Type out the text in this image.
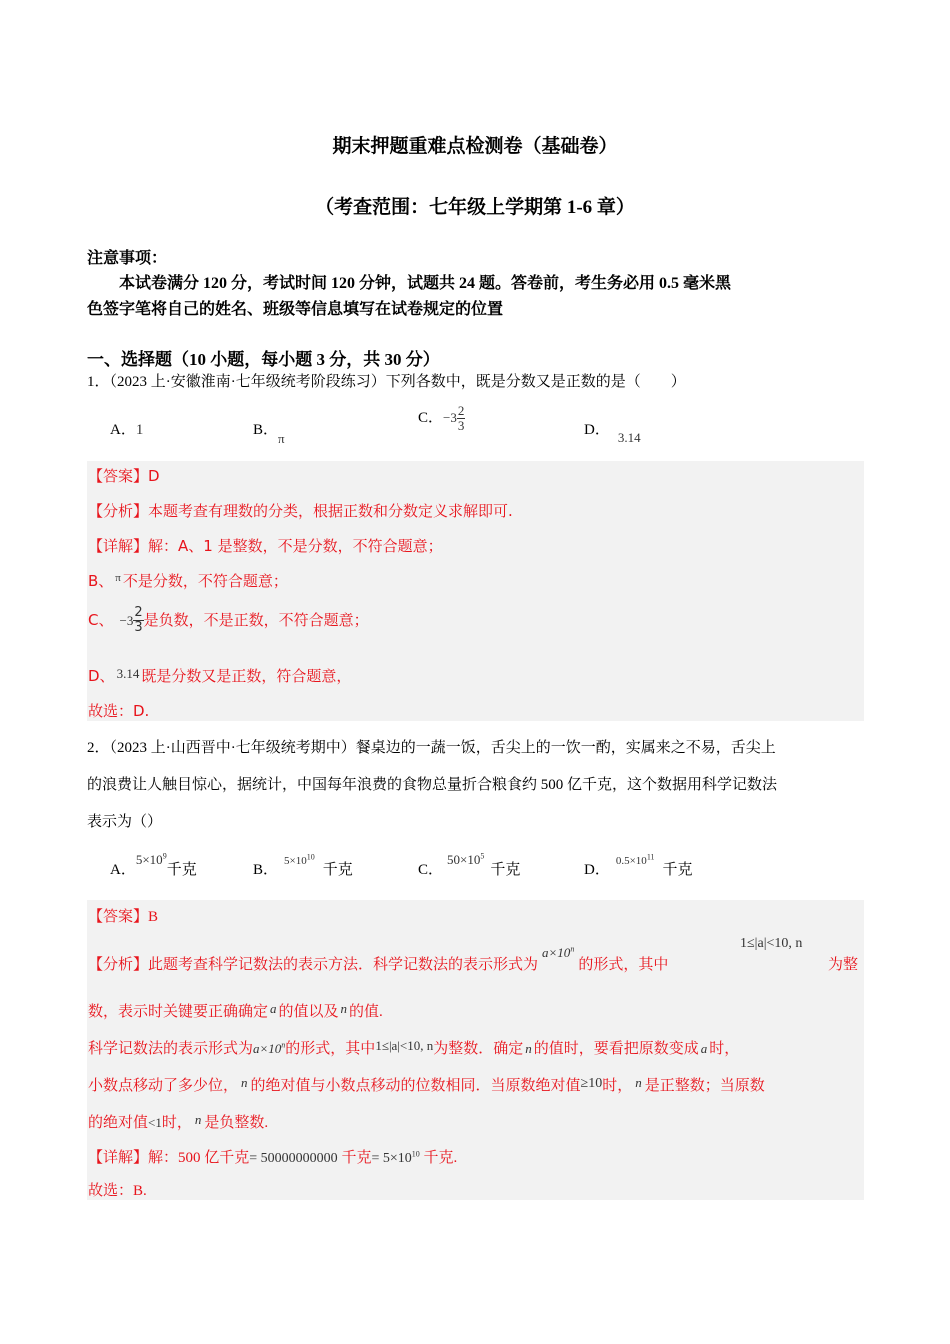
期末押题重难点检测卷（基础卷）
（考查范围：七年级上学期第 1-6 章）
注意事项：
本试卷满分 120 分，考试时间 120 分钟，试题共 24 题。答卷前，考生务必用 0.5 毫米黑
色签字笔将自己的姓名、班级等信息填写在试卷规定的位置
一、选择题（10 小题，每小题 3 分，共 30 分）
1．（2023 上·安徽淮南·七年级统考阶段练习）下列各数中，既是分数又是正数的是（　　）
A．1	B．π
C．$-3 \frac{2}{3}$	D． 3.14
【答案】D
【分析】本题考查有理数的分类，根据正数和分数定义求解即可.
【详解】解：A、1 是整数，不是分数，不符合题意；
B、 $^\pi$ 不是分数，不符合题意；
C、 $-3 \frac{2}{3}$ 是负数，不是正数，不符合题意；
D、 3.14 既是分数又是正数，符合题意，
故选：D.
2．（2023 上·山西晋中·七年级统考期中）餐桌边的一蔬一饭，舌尖上的一饮一酌，实属来之不易，舌尖上
的浪费让人触目惊心，据统计，中国每年浪费的食物总量折合粮食约 500 亿千克，这个数据用科学记数法
表示为（）
A．$5\times 10^9$千克	B．$^{5\times 10^{10}}$千克	C．$50\times 10^5$千克	D．$^{0.5\times 10^{11}}$千克
【答案】B
【分析】此题考查科学记数法的表示方法．科学记数法的表示形式为$a\times 10^n$的形式，其中
1≤|a|<10, n
为整
数，表示时关键要正确确定 a 的值以及 n 的值.
科学记数法的表示形式为$a\times 10^n$的形式，其中1≤|a|<10, n为整数．确定 n 的值时，要看把原数变成 a 时，
小数点移动了多少位， n 的绝对值与小数点移动的位数相同．当原数绝对值≥10时， n 是正整数；当原数
的绝对值<1时， n 是负整数.
【详解】解：500 亿千克= 50000000000 千克= $5\times 10^{10}$ 千克.
故选：B.
